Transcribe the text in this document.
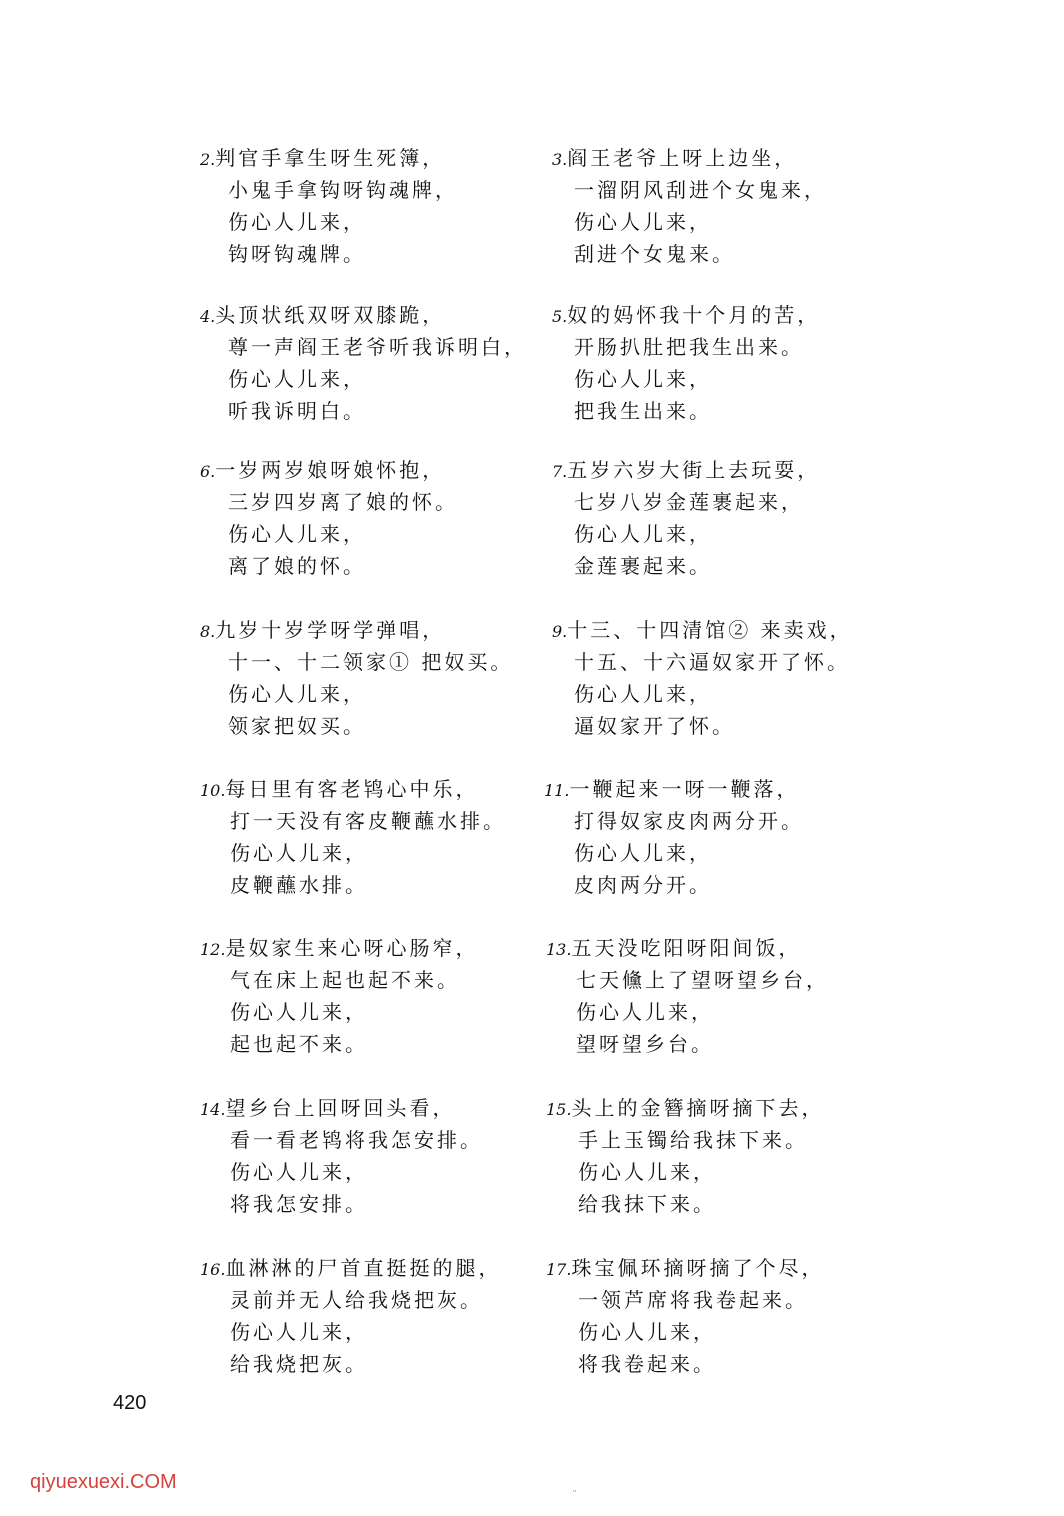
2.判官手拿生呀生死簿，
小鬼手拿钩呀钩魂牌，
伤心人儿来，
钩呀钩魂牌。
4.头顶状纸双呀双膝跪，
尊一声阎王老爷听我诉明白，
伤心人儿来，
听我诉明白。
6.一岁两岁娘呀娘怀抱，
三岁四岁离了娘的怀。
伤心人儿来，
离了娘的怀。
8.九岁十岁学呀学弹唱，
十一、十二领家① 把奴买。
伤心人儿来，
领家把奴买。
10.每日里有客老鸨心中乐，
打一天没有客皮鞭蘸水排。
伤心人儿来，
皮鞭蘸水排。
12.是奴家生来心呀心肠窄，
气在床上起也起不来。
伤心人儿来，
起也起不来。
14.望乡台上回呀回头看，
看一看老鸨将我怎安排。
伤心人儿来，
将我怎安排。
16.血淋淋的尸首直挺挺的腿，
灵前并无人给我烧把灰。
伤心人儿来，
给我烧把灰。
3.阎王老爷上呀上边坐，
一溜阴风刮进个女鬼来，
伤心人儿来，
刮进个女鬼来。
5.奴的妈怀我十个月的苦，
开肠扒肚把我生出来。
伤心人儿来，
把我生出来。
7.五岁六岁大街上去玩耍，
七岁八岁金莲裹起来，
伤心人儿来，
金莲裹起来。
9.十三、十四清馆② 来卖戏，
十五、十六逼奴家开了怀。
伤心人儿来，
逼奴家开了怀。
11.一鞭起来一呀一鞭落，
打得奴家皮肉两分开。
伤心人儿来，
皮肉两分开。
13.五天没吃阳呀阳间饭，
七天儵上了望呀望乡台，
伤心人儿来，
望呀望乡台。
15.头上的金簪摘呀摘下去，
手上玉镯给我抹下来。
伤心人儿来，
给我抹下来。
17.珠宝佩环摘呀摘了个尽，
一领芦席将我卷起来。
伤心人儿来，
将我卷起来。
420
qiyuexuexi.COM
¨
